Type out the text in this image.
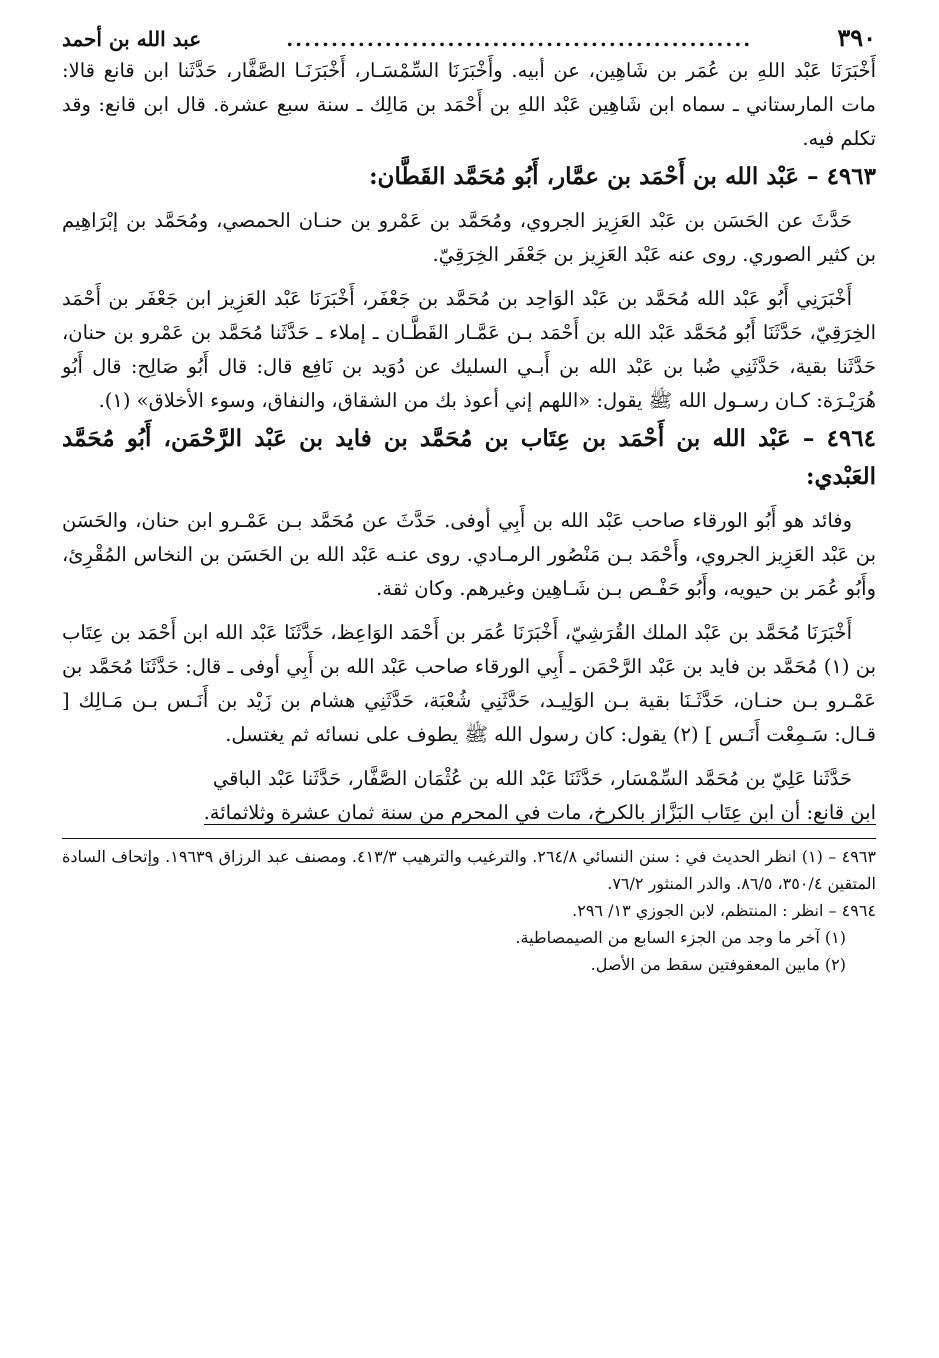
٣٩٠
....................................................
عبد الله بن أحمد

أَخْبَرَنَا عَبْد اللهِ بن عُمَر بن شَاهِين، عن أبيه. وأَخْبَرَنَا السِّمْسَـار، أَخْبَرَنَـا الصَّفَّار، حَدَّثَنا ابن قانع قالا: مات المارستاني ـ سماه ابن شَاهِين عَبْد اللهِ بن أَحْمَد بن مَالِك ـ سنة سبع عشرة. قال ابن قانع: وقد تكلم فيه.

٤٩٦٣ – عَبْد الله بن أَحْمَد بن عمَّار، أَبُو مُحَمَّد القَطَّان:

حَدَّثَ عن الحَسَن بن عَبْد العَزِيز الجروي، ومُحَمَّد بن عَمْرو بن حنـان الحمصي، ومُحَمَّد بن إبْرَاهِيم بن كثير الصوري. روى عنه عَبْد العَزِيز بن جَعْفَر الخِرَقِيّ.

أَخْبَرَنِي أَبُو عَبْد الله مُحَمَّد بن عَبْد الوَاحِد بن مُحَمَّد بن جَعْفَر، أَخْبَرَنَا عَبْد العَزِيز ابن جَعْفَر بن أَحْمَد الخِرَقِيّ، حَدَّثَنَا أَبُو مُحَمَّد عَبْد الله بن أَحْمَد بـن عَمَّـار القَطَّـان ـ إملاء ـ حَدَّثَنا مُحَمَّد بن عَمْرو بن حنان، حَدَّثَنا بقية، حَدَّثَنِي ضُبا بن عَبْد الله بن أَبـي السليك عن دُوَيد بن نَافِع قال: قال أَبُو صَالِح: قال أَبُو هُرَيْـرَة: كـان رسـول الله ﷺ يقول: «اللهم إني أعوذ بك من الشقاق، والنفاق، وسوء الأخلاق» (١).

٤٩٦٤ – عَبْد الله بن أَحْمَد بن عِتَاب بن مُحَمَّد بن فايد بن عَبْد الرَّحْمَن، أَبُو مُحَمَّد العَبْدي:

وفائد هو أَبُو الورقاء صاحب عَبْد الله بن أَبِي أوفى. حَدَّثَ عن مُحَمَّد بـن عَمْـرو ابن حنان، والحَسَن بن عَبْد العَزِيز الجروي، وأَحْمَد بـن مَنْصُور الرمـادي. روى عنـه عَبْد الله بن الحَسَن بن النخاس المُقْرِئ، وأَبُو عُمَر بن حيويه، وأَبُو حَفْـص بـن شَـاهِين وغيرهم. وكان ثقة.

أَخْبَرَنَا مُحَمَّد بن عَبْد الملك القُرَشِيّ، أَخْبَرَنَا عُمَر بن أَحْمَد الوَاعِظ، حَدَّثَنَا عَبْد الله ابن أَحْمَد بن عِتَاب بن (١) مُحَمَّد بن فايد بن عَبْد الرَّحْمَن ـ أَبِي الورقاء صاحب عَبْد الله بن أَبِي أوفى ـ قال: حَدَّثَنَا مُحَمَّد بن عَمْـرو بـن حنـان، حَدَّثَـنَا بقية بـن الوَلِيـد، حَدَّثَنِي شُعْبَة، حَدَّثَنِي هشام بن زَيْد بن أَنَـس بـن مَـالِك [ قـال: سَـمِعْت أَنَـس ] (٢) يقول: كان رسول الله ﷺ يطوف على نسائه ثم يغتسل.

حَدَّثَنا عَلِيّ بن مُحَمَّد السِّمْسَار، حَدَّثَنَا عَبْد الله بن عُثْمَان الصَّفَّار، حَدَّثَنا عَبْد الباقي

ابن قانع: أن ابن عِتَاب البَزَّاز بالكرخ، مات في المحرم من سنة ثمان عشرة وثلاثمائة.

٤٩٦٣ – (١) انظر الحديث في : سنن النسائي ٢٦٤/٨. والترغيب والترهيب ٤١٣/٣. ومصنف عبد الرزاق ١٩٦٣٩. وإتحاف السادة المتقين ٣٥٠/٤، ٨٦/٥. والدر المنثور ٧٦/٢.

٤٩٦٤ – انظر : المنتظم، لابن الجوزي ١٣/ ٢٩٦.

(١) آخر ما وجد من الجزء السابع من الصيمصاطية.

(٢) مابين المعقوفتين سقط من الأصل.
